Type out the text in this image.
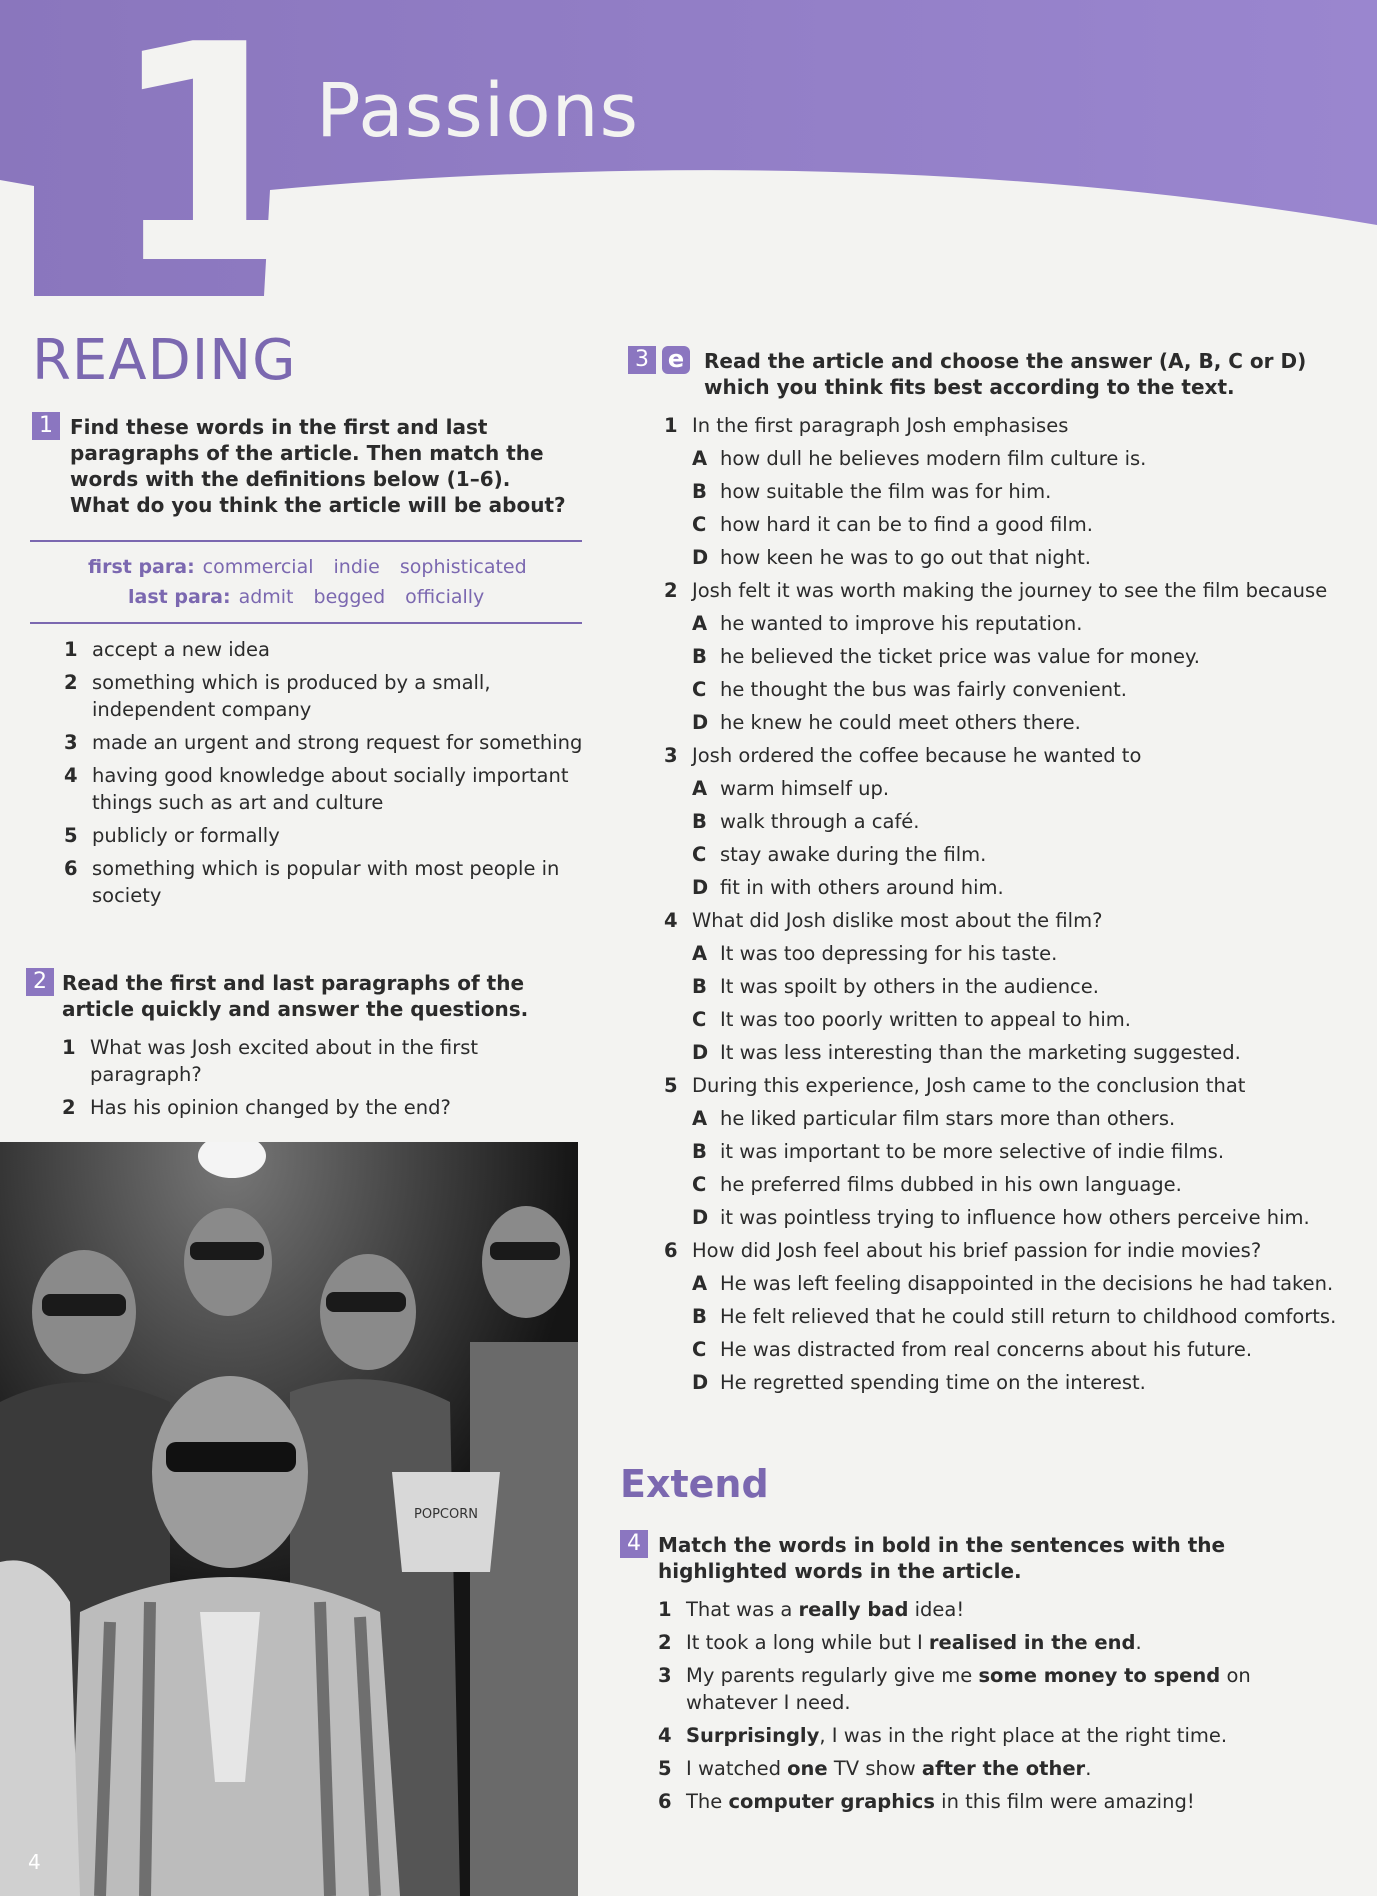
1 Passions
READING
1 Find these words in the first and last paragraphs of the article. Then match the words with the definitions below (1–6). What do you think the article will be about?
first para: commercial indie sophisticated
last para: admit begged officially
1 accept a new idea
2 something which is produced by a small, independent company
3 made an urgent and strong request for something
4 having good knowledge about socially important things such as art and culture
5 publicly or formally
6 something which is popular with most people in society
2 Read the first and last paragraphs of the article quickly and answer the questions.
1 What was Josh excited about in the first paragraph?
2 Has his opinion changed by the end?
POPCORN
4
3 e Read the article and choose the answer (A, B, C or D) which you think fits best according to the text.
1 In the first paragraph Josh emphasises
A how dull he believes modern film culture is.
B how suitable the film was for him.
C how hard it can be to find a good film.
D how keen he was to go out that night.
2 Josh felt it was worth making the journey to see the film because
A he wanted to improve his reputation.
B he believed the ticket price was value for money.
C he thought the bus was fairly convenient.
D he knew he could meet others there.
3 Josh ordered the coffee because he wanted to
A warm himself up.
B walk through a café.
C stay awake during the film.
D fit in with others around him.
4 What did Josh dislike most about the film?
A It was too depressing for his taste.
B It was spoilt by others in the audience.
C It was too poorly written to appeal to him.
D It was less interesting than the marketing suggested.
5 During this experience, Josh came to the conclusion that
A he liked particular film stars more than others.
B it was important to be more selective of indie films.
C he preferred films dubbed in his own language.
D it was pointless trying to influence how others perceive him.
6 How did Josh feel about his brief passion for indie movies?
A He was left feeling disappointed in the decisions he had taken.
B He felt relieved that he could still return to childhood comforts.
C He was distracted from real concerns about his future.
D He regretted spending time on the interest.
Extend
4 Match the words in bold in the sentences with the highlighted words in the article.
1 That was a really bad idea!
2 It took a long while but I realised in the end.
3 My parents regularly give me some money to spend on whatever I need.
4 Surprisingly, I was in the right place at the right time.
5 I watched one TV show after the other.
6 The computer graphics in this film were amazing!
